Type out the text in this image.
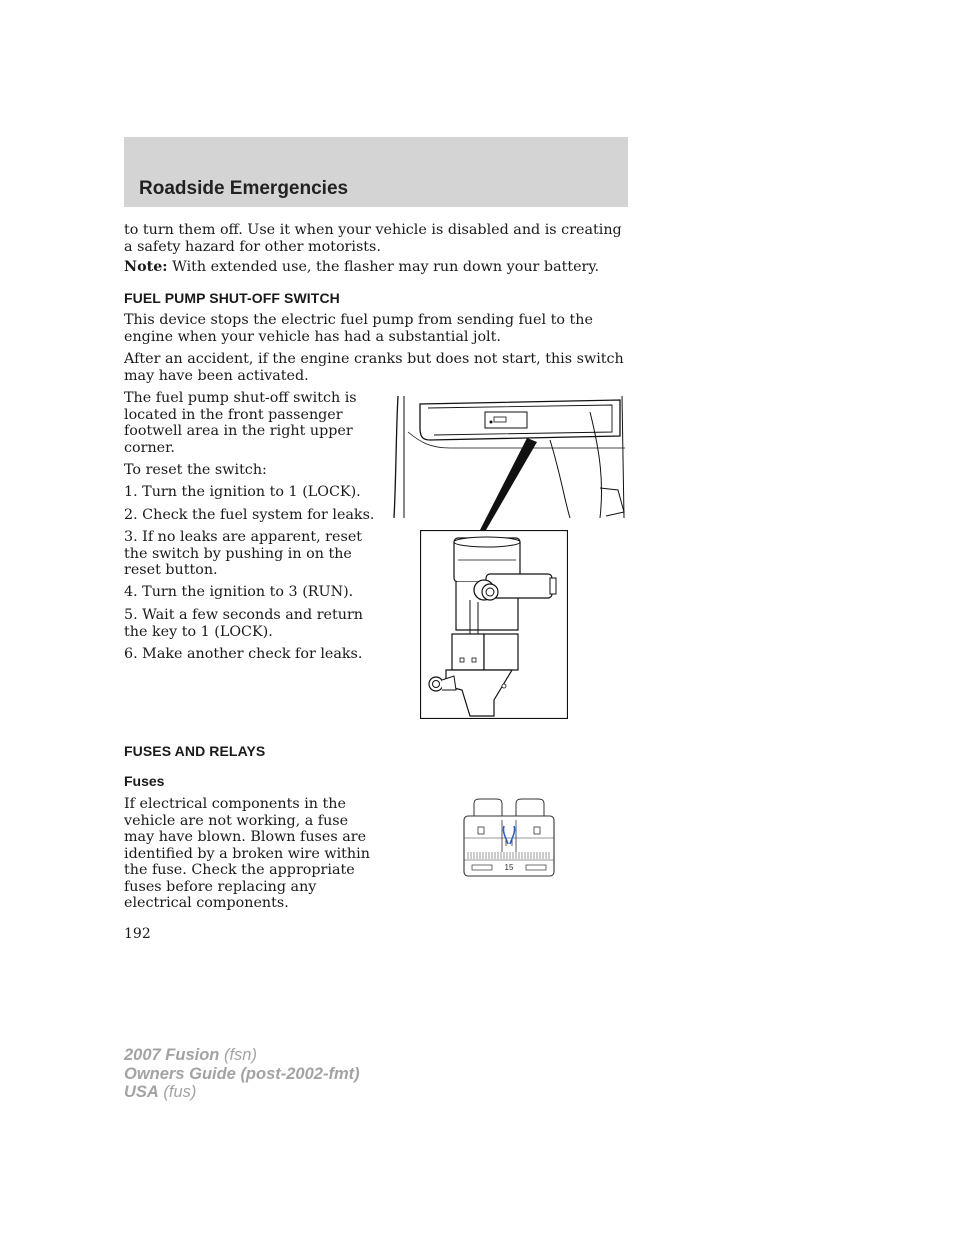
Roadside Emergencies

to turn them off. Use it when your vehicle is disabled and is creating a safety hazard for other motorists.

Note: With extended use, the flasher may run down your battery.

FUEL PUMP SHUT-OFF SWITCH

This device stops the electric fuel pump from sending fuel to the engine when your vehicle has had a substantial jolt.

After an accident, if the engine cranks but does not start, this switch may have been activated.

The fuel pump shut-off switch is located in the front passenger footwell area in the right upper corner.

To reset the switch:

1. Turn the ignition to 1 (LOCK).

2. Check the fuel system for leaks.

3. If no leaks are apparent, reset the switch by pushing in on the reset button.

4. Turn the ignition to 3 (RUN).

5. Wait a few seconds and return the key to 1 (LOCK).

6. Make another check for leaks.

FUSES AND RELAYS
Fuses

If electrical components in the vehicle are not working, a fuse may have blown. Blown fuses are identified by a broken wire within the fuse. Check the appropriate fuses before replacing any electrical components.

15

192

2007 Fusion (fsn)
Owners Guide (post-2002-fmt)
USA (fus)
